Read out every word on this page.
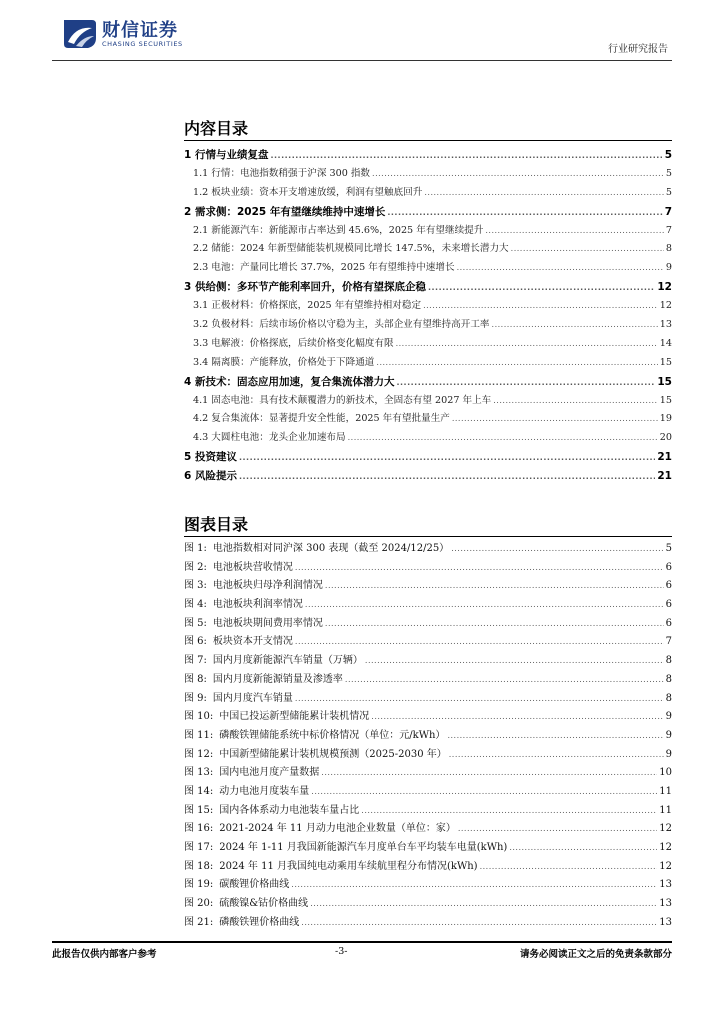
财信证券
CHASING SECURITIES	行业研究报告
内容目录
1 行情与业绩复盘 .....	5
1.1 行情：电池指数稍强于沪深 300 指数 .....	5
1.2 板块业绩：资本开支增速放缓，利润有望触底回升 .....	5
2 需求侧：2025 年有望继续维持中速增长 .....	7
2.1 新能源汽车：新能源市占率达到 45.6%，2025 年有望继续提升 .....	7
2.2 储能：2024 年新型储能装机规模同比增长 147.5%，未来增长潜力大 .....	8
2.3 电池：产量同比增长 37.7%，2025 年有望维持中速增长 .....	9
3 供给侧：多环节产能利率回升，价格有望探底企稳 .....	12
3.1 正极材料：价格探底，2025 年有望维持相对稳定 .....	12
3.2 负极材料：后续市场价格以守稳为主，头部企业有望维持高开工率 .....	13
3.3 电解液：价格探底，后续价格变化幅度有限 .....	14
3.4 隔离膜：产能释放，价格处于下降通道 .....	15
4 新技术：固态应用加速，复合集流体潜力大 .....	15
4.1 固态电池：具有技术颠覆潜力的新技术，全固态有望 2027 年上车 .....	15
4.2 复合集流体：显著提升安全性能，2025 年有望批量生产 .....	19
4.3 大圆柱电池：龙头企业加速布局 .....	20
5 投资建议 .....	21
6 风险提示 .....	21
图表目录
图 1: 电池指数相对同沪深 300 表现（截至 2024/12/25） .....	5
图 2: 电池板块营收情况 .....	6
图 3: 电池板块归母净利润情况 .....	6
图 4: 电池板块利润率情况 .....	6
图 5: 电池板块期间费用率情况 .....	6
图 6: 板块资本开支情况 .....	7
图 7: 国内月度新能源汽车销量（万辆） .....	8
图 8: 国内月度新能源销量及渗透率 .....	8
图 9: 国内月度汽车销量 .....	8
图 10: 中国已投运新型储能累计装机情况 .....	9
图 11: 磷酸铁锂储能系统中标价格情况（单位：元/kWh） .....	9
图 12: 中国新型储能累计装机规模预测（2025-2030 年） .....	9
图 13: 国内电池月度产量数据 .....	10
图 14: 动力电池月度装车量 .....	11
图 15: 国内各体系动力电池装车量占比 .....	11
图 16: 2021-2024 年 11 月动力电池企业数量（单位：家） .....	12
图 17: 2024 年 1-11 月我国新能源汽车月度单台车平均装车电量(kWh) .....	12
图 18: 2024 年 11 月我国纯电动乘用车续航里程分布情况(kWh) .....	12
图 19: 碳酸锂价格曲线 .....	13
图 20: 硫酸镍&钴价格曲线 .....	13
图 21: 磷酸铁锂价格曲线 .....	13
此报告仅供内部客户参考	-3-	请务必阅读正文之后的免责条款部分
